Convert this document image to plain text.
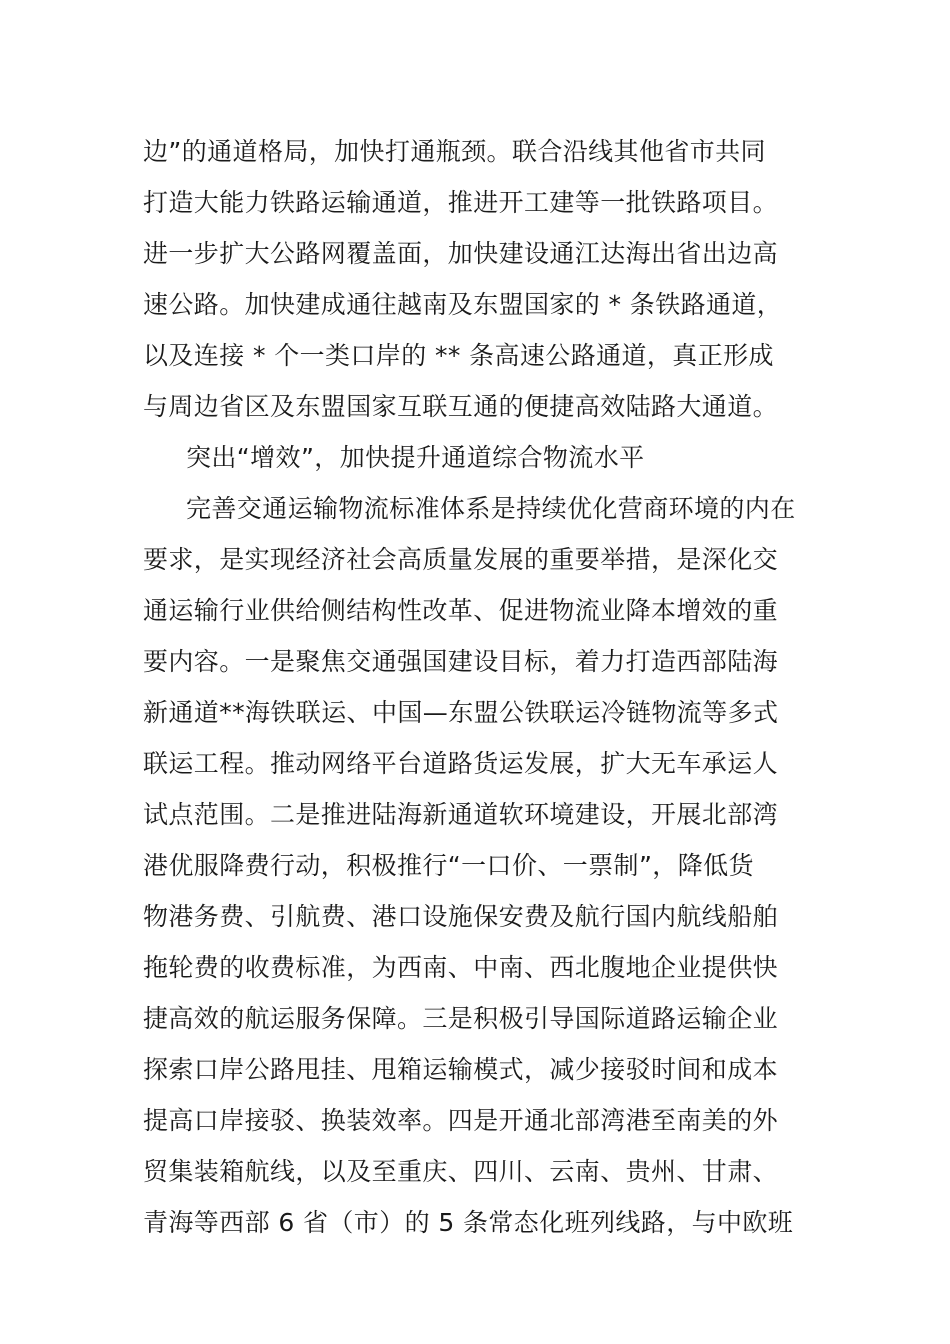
边”的通道格局，加快打通瓶颈。联合沿线其他省市共同
打造大能力铁路运输通道，推进开工建等一批铁路项目。
进一步扩大公路网覆盖面，加快建设通江达海出省出边高
速公路。加快建成通往越南及东盟国家的 * 条铁路通道，
以及连接 * 个一类口岸的 ** 条高速公路通道，真正形成
与周边省区及东盟国家互联互通的便捷高效陆路大通道。
突出“增效”，加快提升通道综合物流水平
完善交通运输物流标准体系是持续优化营商环境的内在
要求，是实现经济社会高质量发展的重要举措，是深化交
通运输行业供给侧结构性改革、促进物流业降本增效的重
要内容。一是聚焦交通强国建设目标，着力打造西部陆海
新通道**海铁联运、中国—东盟公铁联运冷链物流等多式
联运工程。推动网络平台道路货运发展，扩大无车承运人
试点范围。二是推进陆海新通道软环境建设，开展北部湾
港优服降费行动，积极推行“一口价、一票制”，降低货
物港务费、引航费、港口设施保安费及航行国内航线船舶
拖轮费的收费标准，为西南、中南、西北腹地企业提供快
捷高效的航运服务保障。三是积极引导国际道路运输企业
探索口岸公路甩挂、甩箱运输模式，减少接驳时间和成本
提高口岸接驳、换装效率。四是开通北部湾港至南美的外
贸集装箱航线，以及至重庆、四川、云南、贵州、甘肃、
青海等西部 6 省（市）的 5 条常态化班列线路，与中欧班
